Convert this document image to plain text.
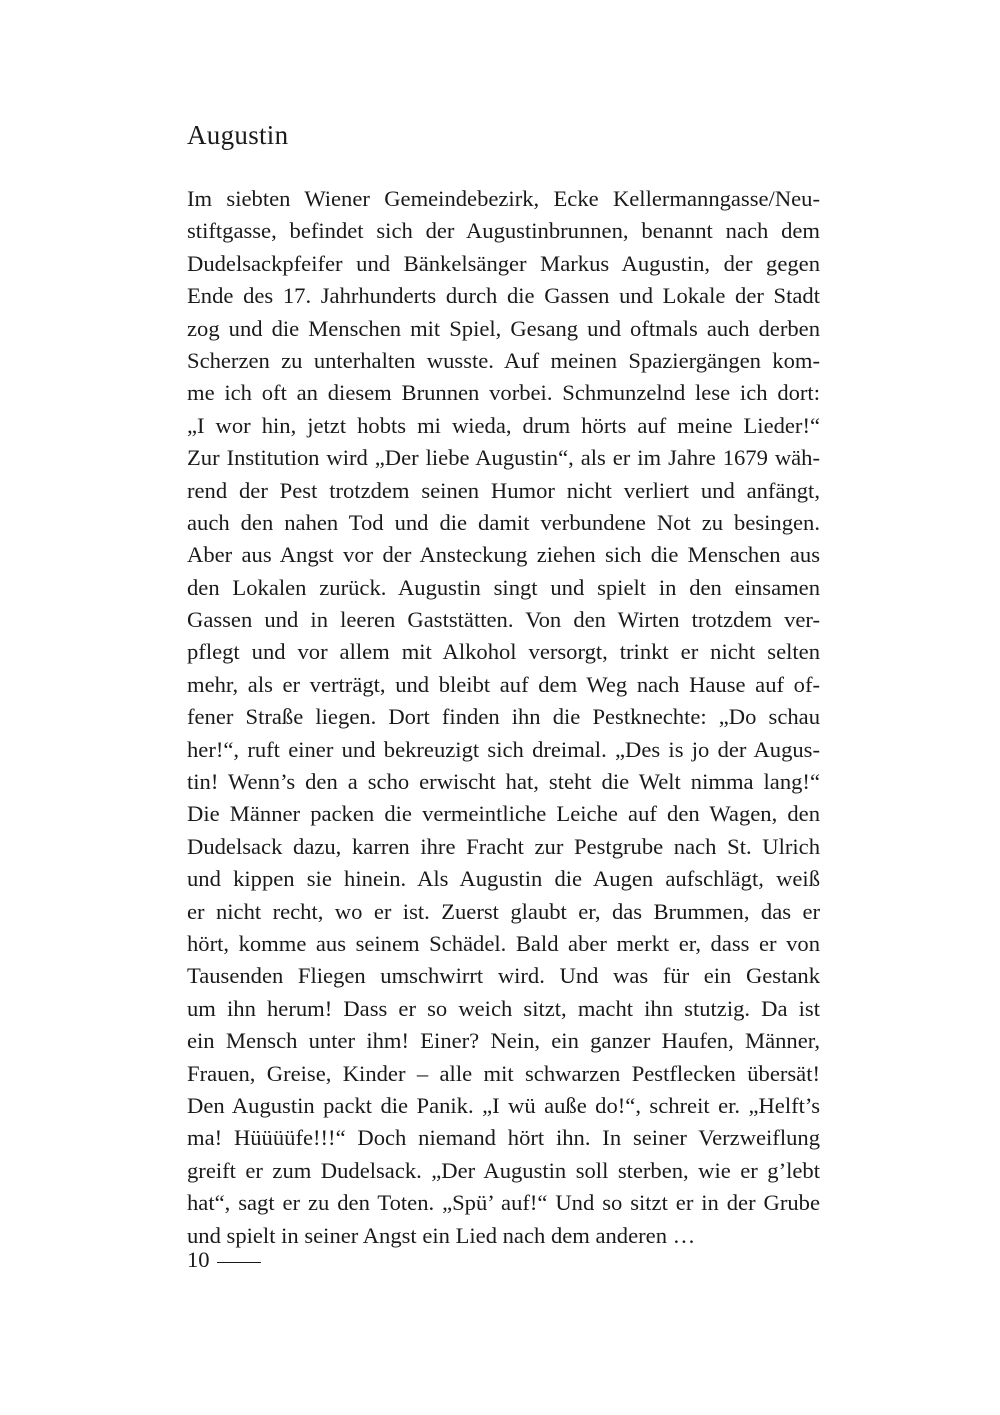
Augustin
Im siebten Wiener Gemeindebezirk, Ecke Kellermanngasse/Neu-
stiftgasse, befindet sich der Augustinbrunnen, benannt nach dem
Dudelsackpfeifer und Bänkelsänger Markus Augustin, der gegen
Ende des 17. Jahrhunderts durch die Gassen und Lokale der Stadt
zog und die Menschen mit Spiel, Gesang und oftmals auch derben
Scherzen zu unterhalten wusste. Auf meinen Spaziergängen kom-
me ich oft an diesem Brunnen vorbei. Schmunzelnd lese ich dort:
„I wor hin, jetzt hobts mi wieda, drum hörts auf meine Lieder!“
Zur Institution wird „Der liebe Augustin“, als er im Jahre 1679 wäh-
rend der Pest trotzdem seinen Humor nicht verliert und anfängt,
auch den nahen Tod und die damit verbundene Not zu besingen.
Aber aus Angst vor der Ansteckung ziehen sich die Menschen aus
den Lokalen zurück. Augustin singt und spielt in den einsamen
Gassen und in leeren Gaststätten. Von den Wirten trotzdem ver-
pflegt und vor allem mit Alkohol versorgt, trinkt er nicht selten
mehr, als er verträgt, und bleibt auf dem Weg nach Hause auf of-
fener Straße liegen. Dort finden ihn die Pestknechte: „Do schau
her!“, ruft einer und bekreuzigt sich dreimal. „Des is jo der Augus-
tin! Wenn’s den a scho erwischt hat, steht die Welt nimma lang!“
Die Männer packen die vermeintliche Leiche auf den Wagen, den
Dudelsack dazu, karren ihre Fracht zur Pestgrube nach St. Ulrich
und kippen sie hinein. Als Augustin die Augen aufschlägt, weiß
er nicht recht, wo er ist. Zuerst glaubt er, das Brummen, das er
hört, komme aus seinem Schädel. Bald aber merkt er, dass er von
Tausenden Fliegen umschwirrt wird. Und was für ein Gestank
um ihn herum! Dass er so weich sitzt, macht ihn stutzig. Da ist
ein Mensch unter ihm! Einer? Nein, ein ganzer Haufen, Männer,
Frauen, Greise, Kinder – alle mit schwarzen Pestflecken übersät!
Den Augustin packt die Panik. „I wü auße do!“, schreit er. „Helft’s
ma! Hüüüüfe!!!“ Doch niemand hört ihn. In seiner Verzweiflung
greift er zum Dudelsack. „Der Augustin soll sterben, wie er g’lebt
hat“, sagt er zu den Toten. „Spü’ auf!“ Und so sitzt er in der Grube
und spielt in seiner Angst ein Lied nach dem anderen …
10
